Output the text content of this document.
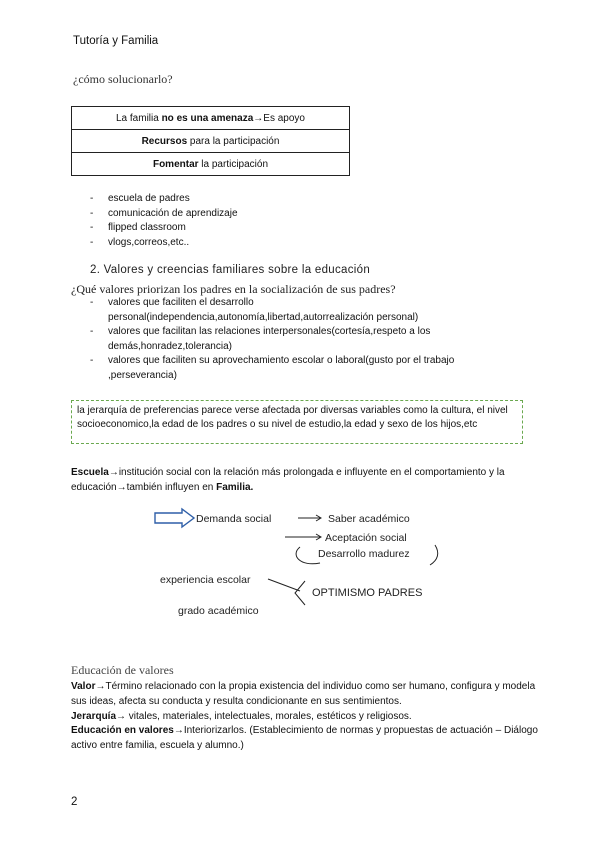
Tutoría y Familia
¿cómo solucionarlo?
La familia no es una amenaza→Es apoyo
Recursos para la participación
Fomentar la participación
- escuela de padres
- comunicación de aprendizaje
- flipped classroom
- vlogs,correos,etc..
2. Valores y creencias familiares sobre la educación
¿Qué valores priorizan los padres en la socialización de sus padres?
- valores que faciliten el desarrollo personal(independencia,autonomía,libertad,autorrealización personal)
- valores que facilitan las relaciones interpersonales(cortesía,respeto a los demás,honradez,tolerancia)
- valores que faciliten su aprovechamiento escolar o laboral(gusto por el trabajo ,perseverancia)
la jerarquía de preferencias parece verse afectada por diversas variables como la cultura, el nivel socioeconomico,la edad de los padres o su nivel de estudio,la edad y sexo de los hijos,etc
Escuela→institución social con la relación más prolongada e influyente en el comportamiento y la educación→también influyen en Familia.
Demanda social	Saber académico
Aceptación social
Desarrollo madurez
experiencia escolar
OPTIMISMO PADRES
grado académico
Educación de valores
Valor→Término relacionado con la propia existencia del individuo como ser humano, configura y modela sus ideas, afecta su conducta y resulta condicionante en sus sentimientos.
Jerarquía→ vitales, materiales, intelectuales, morales, estéticos y religiosos.
Educación en valores→Interiorizarlos. (Establecimiento de normas y propuestas de actuación – Diálogo activo entre familia, escuela y alumno.)
2
